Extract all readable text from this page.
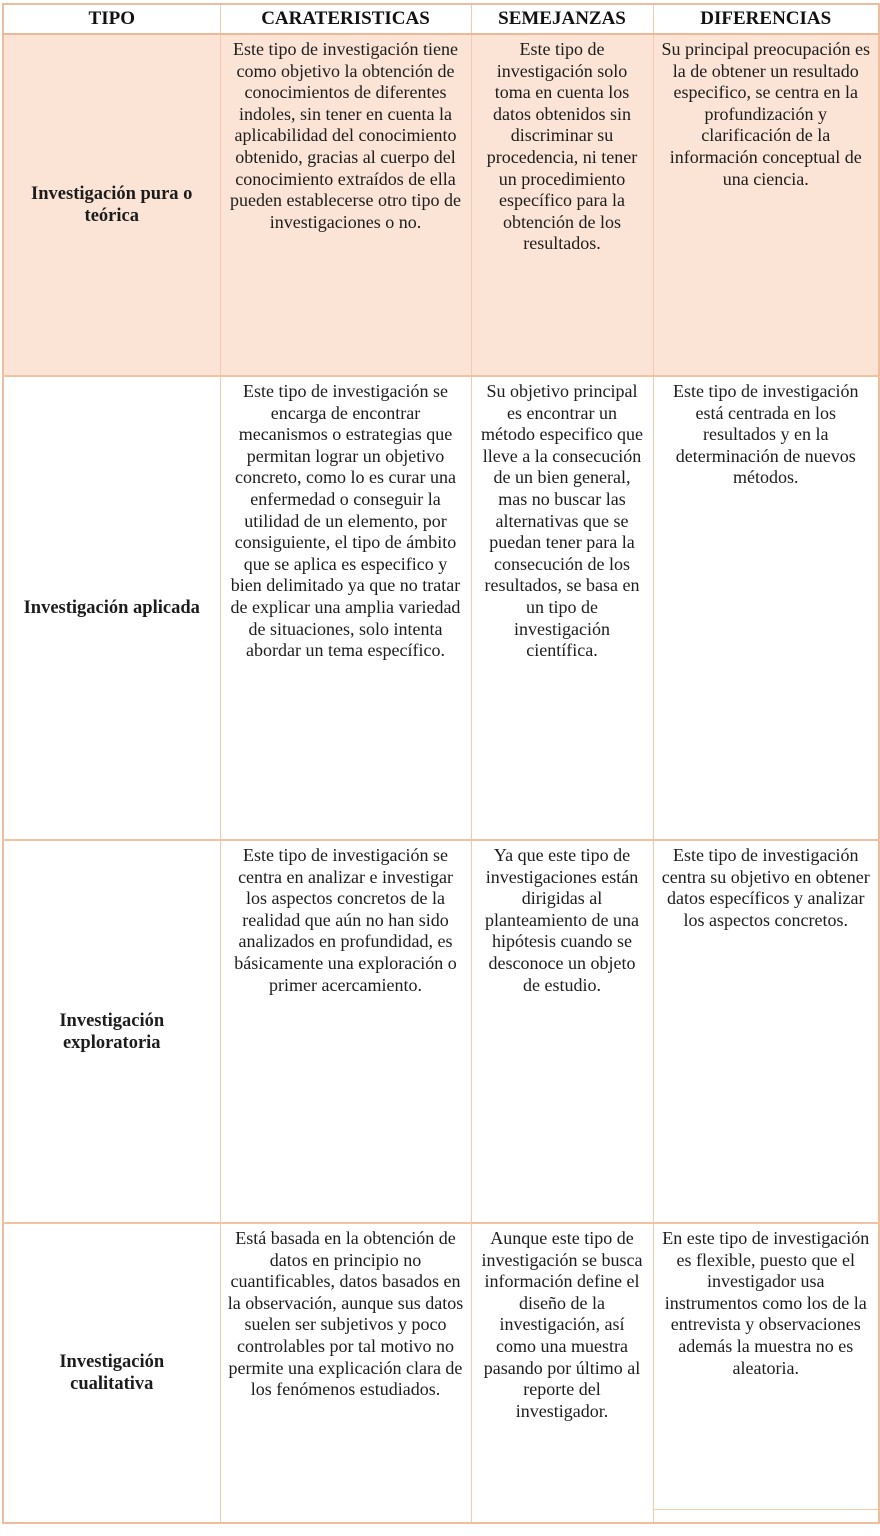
TIPO	CARATERISTICAS	SEMEJANZAS	DIFERENCIAS
Investigación pura o teórica	Este tipo de investigación tiene como objetivo la obtención de conocimientos de diferentes indoles, sin tener en cuenta la aplicabilidad del conocimiento obtenido, gracias al cuerpo del conocimiento extraídos de ella pueden establecerse otro tipo de investigaciones o no.	Este tipo de investigación solo toma en cuenta los datos obtenidos sin discriminar su procedencia, ni tener un procedimiento específico para la obtención de los resultados.	Su principal preocupación es la de obtener un resultado especifico, se centra en la profundización y clarificación de la información conceptual de una ciencia.
Investigación aplicada	Este tipo de investigación se encarga de encontrar mecanismos o estrategias que permitan lograr un objetivo concreto, como lo es curar una enfermedad o conseguir la utilidad de un elemento, por consiguiente, el tipo de ámbito que se aplica es especifico y bien delimitado ya que no tratar de explicar una amplia variedad de situaciones, solo intenta abordar un tema específico.	Su objetivo principal es encontrar un método especifico que lleve a la consecución de un bien general, mas no buscar las alternativas que se puedan tener para la consecución de los resultados, se basa en un tipo de investigación científica.	Este tipo de investigación está centrada en los resultados y en la determinación de nuevos métodos.
Investigación exploratoria	Este tipo de investigación se centra en analizar e investigar los aspectos concretos de la realidad que aún no han sido analizados en profundidad, es básicamente una exploración o primer acercamiento.	Ya que este tipo de investigaciones están dirigidas al planteamiento de una hipótesis cuando se desconoce un objeto de estudio.	Este tipo de investigación centra su objetivo en obtener datos específicos y analizar los aspectos concretos.
Investigación cualitativa	Está basada en la obtención de datos en principio no cuantificables, datos basados en la observación, aunque sus datos suelen ser subjetivos y poco controlables por tal motivo no permite una explicación clara de los fenómenos estudiados.	Aunque este tipo de investigación se busca información define el diseño de la investigación, así como una muestra pasando por último al reporte del investigador.	En este tipo de investigación es flexible, puesto que el investigador usa instrumentos como los de la entrevista y observaciones además la muestra no es aleatoria.
